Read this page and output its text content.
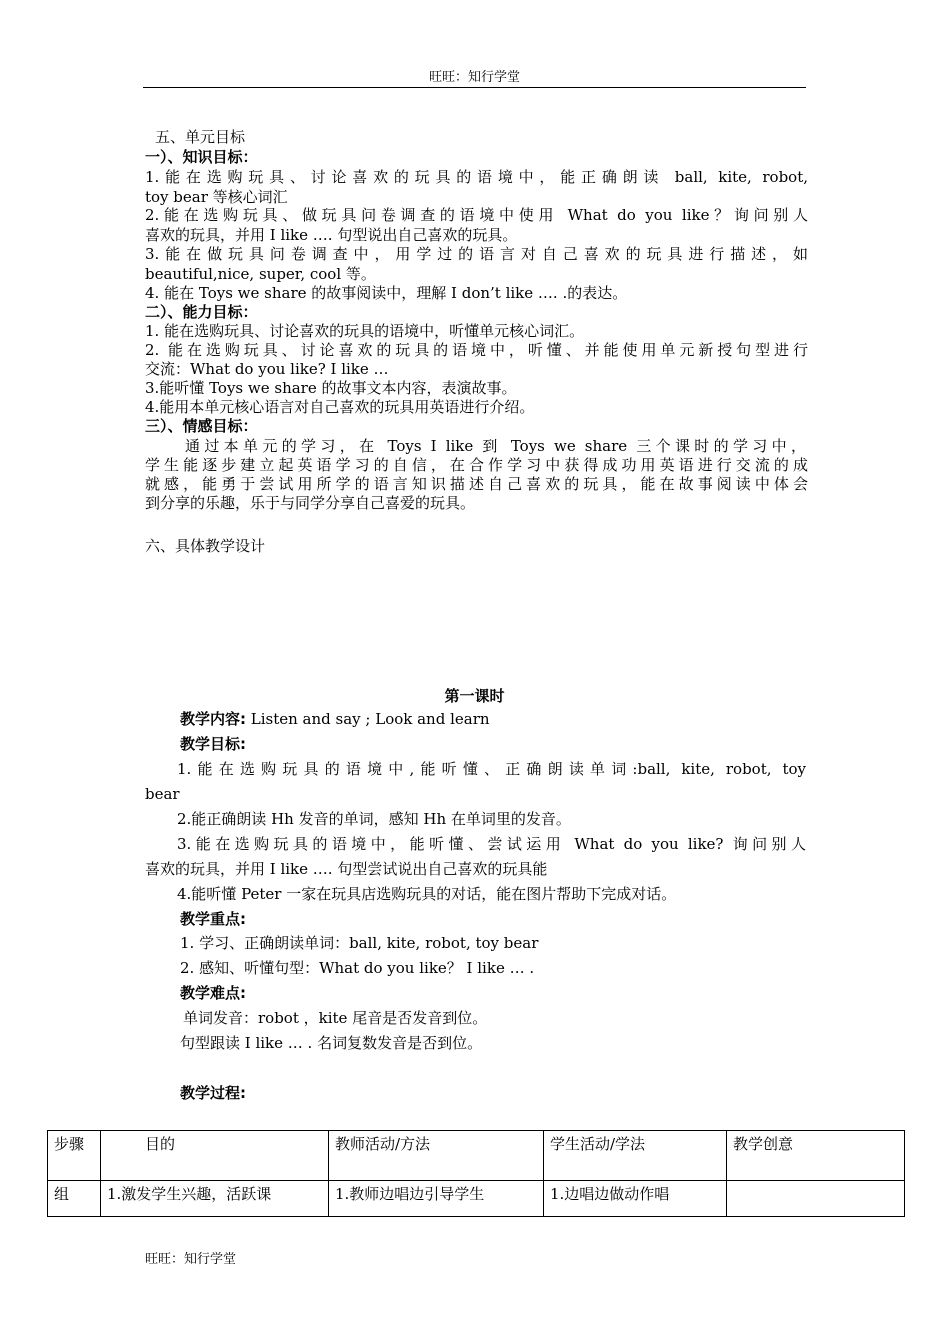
旺旺：知行学堂
五、单元目标
一）、知识目标：
1.能在选购玩具、讨论喜欢的玩具的语境中，能正确朗读 ball, kite, robot,
toy bear 等核心词汇
2.能在选购玩具、做玩具问卷调查的语境中使用 What do you like？询问别人
喜欢的玩具，并用 I like …. 句型说出自己喜欢的玩具。
3.能在做玩具问卷调查中，用学过的语言对自己喜欢的玩具进行描述，如
beautiful,nice, super, cool 等。
4. 能在 Toys we share 的故事阅读中，理解 I don’t like …. .的表达。
二）、能力目标：
1. 能在选购玩具、讨论喜欢的玩具的语境中，听懂单元核心词汇。
2. 能在选购玩具、讨论喜欢的玩具的语境中，听懂、并能使用单元新授句型进行
交流：What do you like? I like …
3.能听懂 Toys we share 的故事文本内容，表演故事。
4.能用本单元核心语言对自己喜欢的玩具用英语进行介绍。
三）、情感目标：
通过本单元的学习，在 Toys I like 到 Toys we share 三个课时的学习中，
学生能逐步建立起英语学习的自信，在合作学习中获得成功用英语进行交流的成
就感，能勇于尝试用所学的语言知识描述自己喜欢的玩具，能在故事阅读中体会
到分享的乐趣，乐于与同学分享自己喜爱的玩具。
六、具体教学设计
第一课时
教学内容: Listen and say ; Look and learn
教学目标:
1.能在选购玩具的语境中,能听懂、正确朗读单词:ball, kite, robot, toy
bear
2.能正确朗读 Hh 发音的单词，感知 Hh 在单词里的发音。
3.能在选购玩具的语境中，能听懂、尝试运用 What do you like? 询问别人
喜欢的玩具，并用 I like …. 句型尝试说出自己喜欢的玩具能
4.能听懂 Peter 一家在玩具店选购玩具的对话，能在图片帮助下完成对话。
教学重点:
1. 学习、正确朗读单词：ball, kite, robot, toy bear
2. 感知、听懂句型：What do you like？ I like … .
教学难点:
单词发音：robot ，kite 尾音是否发音到位。
句型跟读 I like … . 名词复数发音是否到位。
教学过程:
步骤	目的	教师活动/方法	学生活动/学法	教学创意
组	1.激发学生兴趣，活跃课	1.教师边唱边引导学生	1.边唱边做动作唱	
旺旺：知行学堂
